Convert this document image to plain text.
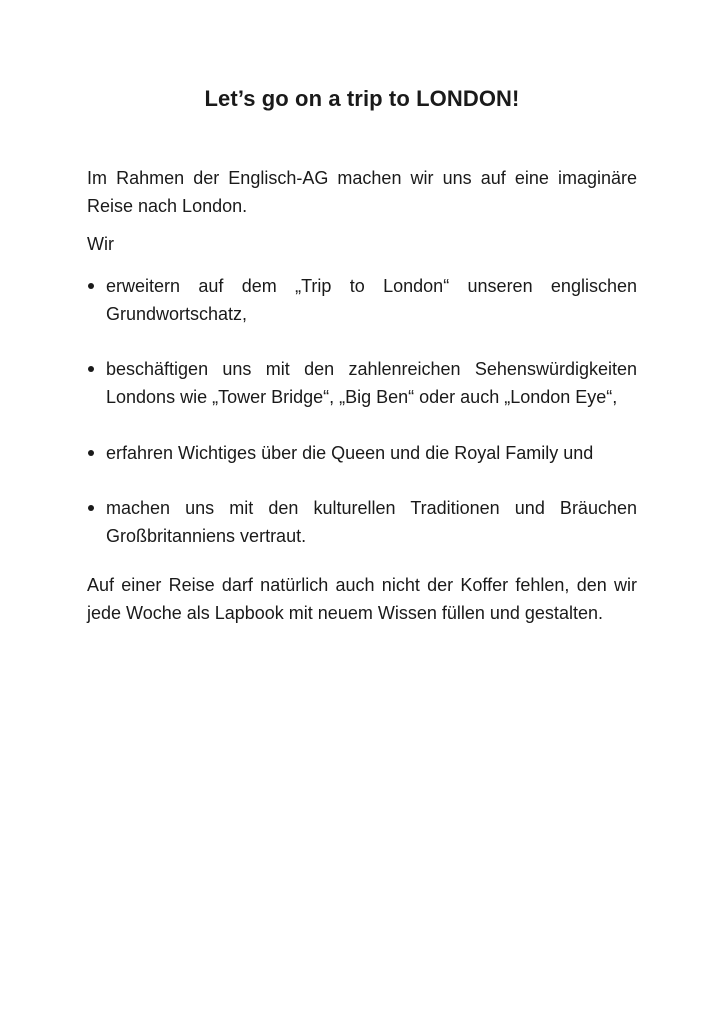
Let’s go on a trip to LONDON!
Im Rahmen der Englisch-AG machen wir uns auf eine imaginäre
Reise nach London.
Wir
erweitern auf dem „Trip to London“ unseren englischen
Grundwortschatz,
beschäftigen uns mit den zahlenreichen Sehenswürdigkeiten
Londons wie „Tower Bridge“, „Big Ben“ oder auch „London Eye“,
erfahren Wichtiges über die Queen und die Royal Family und
machen uns mit den kulturellen Traditionen und Bräuchen
Großbritanniens vertraut.
Auf einer Reise darf natürlich auch nicht der Koffer fehlen, den wir
jede Woche als Lapbook mit neuem Wissen füllen und gestalten.
